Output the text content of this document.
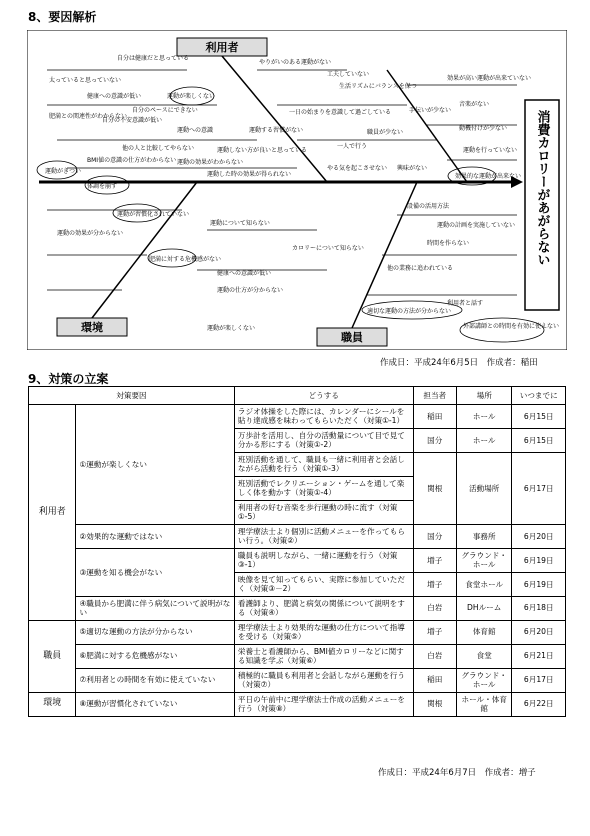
8、要因解析
利用者
環境
職員
自分は健康だと思っている
太っていると思っていない
健康への意識が低い
肥満との関連性がわからない
自分の不安意識が低い
運動が楽しくない
自分のペースにできない
他の人と比較してやらない	運動しない方が良いと思っている
BMI値の意識の仕方がわからない 運動の効果がわからない
運動した時の効果が得られない
運動がきつい
体調を崩す
やりがいのある運動がない
工夫していない
生活リズムにバランスを保つ
一日の始まりを意識して過ごしている
運動する習慣がない
運動への意識
一人で行う
職員が少ない
手伝いが少ない
効果が高い運動が出来ていない
音楽がない
動機付けが少ない
運動を行っていない
やる気を起こさせない 興味がない
効果的な運動が出来ない
運動が習慣化されていない
運動の効果が分からない
運動について知らない
設備の活用方法
運動の計画を実施していない
時間を作らない
カロリーについて知らない
他の業務に追われている
適切な運動の方法が分からない
運動の仕方が分からない
利用者と話す
外部講師との時間を有効に使えない
肥満に対する危機感がない
健康への意識が低い
運動が楽しくない
消費カロリーがあがらない
作成日：平成24年6月5日　作成者：稲田
9、対策の立案
対策要因		どうする	担当者	場所	いつまでに
利用者	①運動が楽しくない	ラジオ体操をした際には、カレンダーにシールを貼り達成感を味わってもらいただく（対策①-1）	稲田	ホール	6月15日
		万歩計を活用し、自分の活動量について目で見て分かる形にする（対策①-2）	国分	ホール	6月15日
		班別活動を通して、職員も一緒に利用者と会話しながら活動を行う（対策①-3）	関根	活動場所	6月17日
		班別活動でレクリエーション・ゲームを通して楽しく体を動かす（対策①-4）			
		利用者の好む音楽を歩行運動の時に流す（対策①-5）			
	②効果的な運動ではない	理学療法士より個別に活動メニューを作ってもらい行う。（対策②）	国分	事務所	6月20日
	③運動を知る機会がない	職員も説明しながら、一緒に運動を行う（対策③-1）	増子	グラウンド・ホール	6月19日
		映像を見て知ってもらい、実際に参加していただく（対策③－2）	増子	食堂ホール	6月19日
	④職員から肥満に伴う病気について説明がない	看護師より、肥満と病気の関係について説明をする（対策④）	白岩	DHルーム	6月18日
職員	⑤適切な運動の方法が分からない	理学療法士より効果的な運動の仕方について指導を受ける（対策⑤）	増子	体育館	6月20日
	⑥肥満に対する危機感がない	栄養士と看護師から、BMI値カロリーなどに関する知識を学ぶ（対策⑥）	白岩	食堂	6月21日
	⑦利用者との時間を有効に使えていない	積極的に職員も利用者と会話しながら運動を行う（対策⑦）	稲田	グラウンド・ホール	6月17日
環境	⑧運動が習慣化されていない	平日の午前中に理学療法士作成の活動メニューを行う（対策⑧）	関根	ホール・体育館	6月22日
作成日：平成24年6月7日　作成者：増子
